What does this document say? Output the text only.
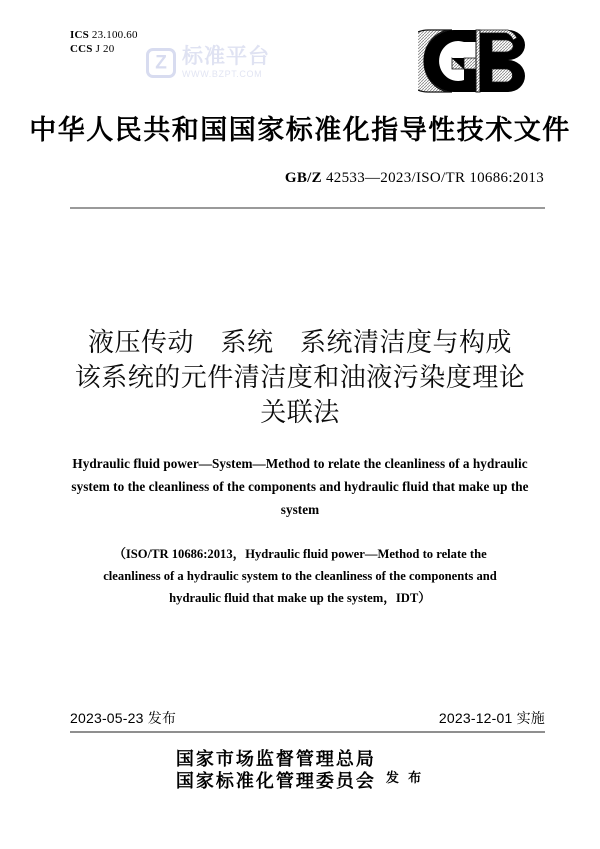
ICS 23.100.60
CCS J 20
Z 标准平台
WWW.BZPT.COM
中华人民共和国国家标准化指导性技术文件
GB/Z 42533—2023/ISO/TR 10686:2013
液压传动　系统　系统清洁度与构成
该系统的元件清洁度和油液污染度理论
关联法
Hydraulic fluid power—System—Method to relate the cleanliness of a hydraulic system to the cleanliness of the components and hydraulic fluid that make up the system
（ISO/TR 10686:2013，Hydraulic fluid power—Method to relate the cleanliness of a hydraulic system to the cleanliness of the components and hydraulic fluid that make up the system，IDT）
2023-05-23 发布	2023-12-01 实施
国家市场监督管理总局
国家标准化管理委员会 发 布
